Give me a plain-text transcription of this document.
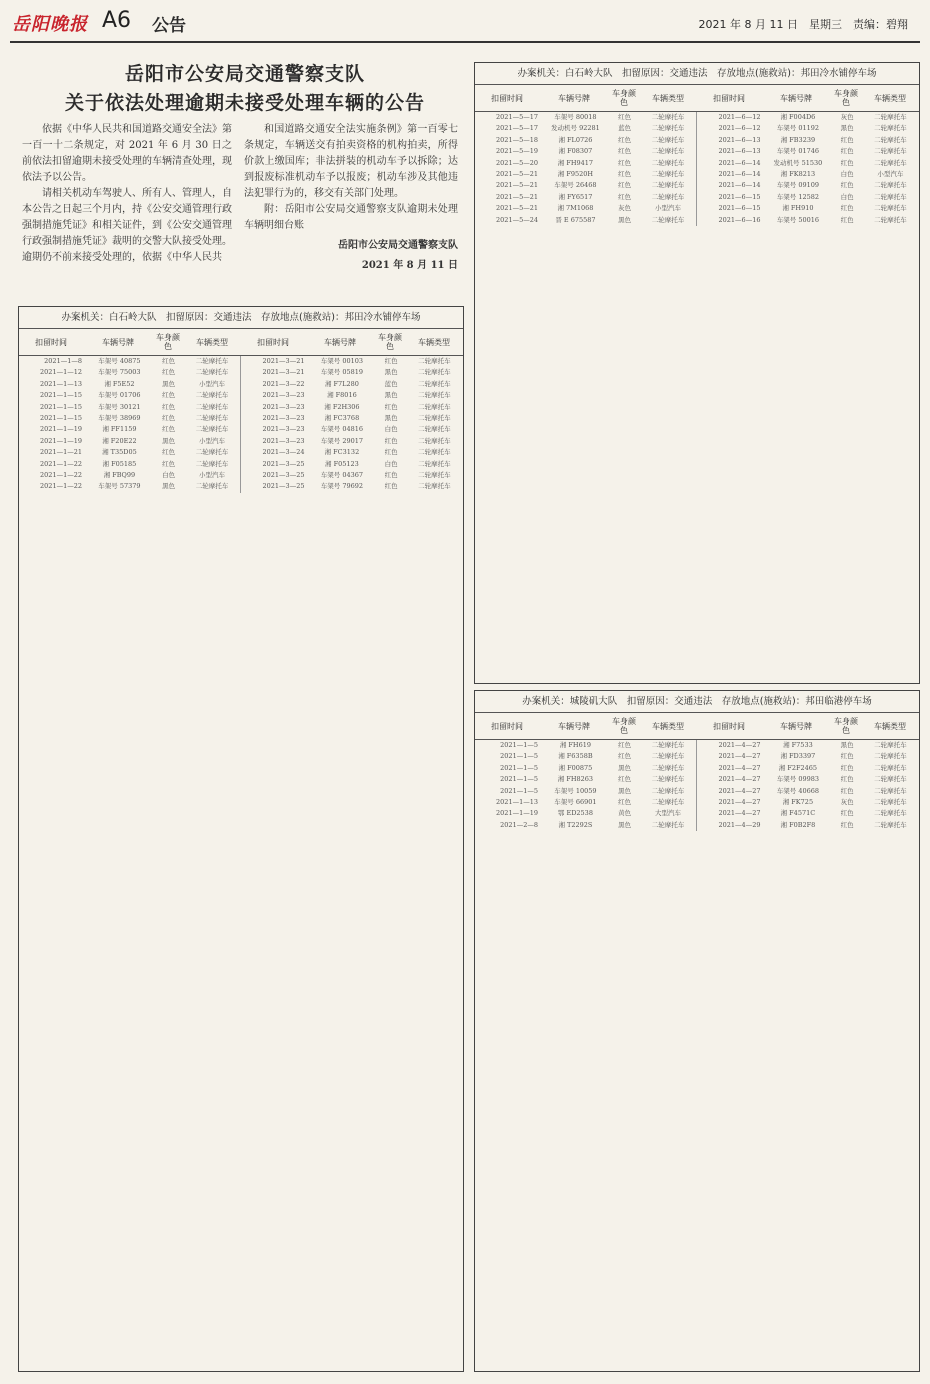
岳阳晚报 A6 公告	2021 年 8 月 11 日　星期三　责编：碧翔
岳阳市公安局交通警察支队
关于依法处理逾期未接受处理车辆的公告

依据《中华人民共和国道路交通安全法》第一百一十二条规定，对 2021 年 6 月 30 日之前依法扣留逾期未接受处理的车辆清查处理，现依法予以公告。

请相关机动车驾驶人、所有人、管理人，自本公告之日起三个月内，持《公安交通管理行政强制措施凭证》和相关证件，到《公安交通管理行政强制措施凭证》裁明的交警大队接受处理。逾期仍不前来接受处理的，依据《中华人民共

和国道路交通安全法实施条例》第一百零七条规定，车辆送交有拍卖资格的机构拍卖，所得价款上缴国库；非法拼装的机动车予以拆除；达到报废标准机动车予以报废；机动车涉及其他违法犯罪行为的，移交有关部门处理。

附：岳阳市公安局交通警察支队逾期未处理车辆明细台账

岳阳市公安局交通警察支队
2021 年 8 月 11 日
办案机关：白石岭大队　扣留原因：交通违法　存放地点(施救站)：邦田冷水铺停车场
扣留时间	车辆号牌	车身颜色	车辆类型	扣留时间	车辆号牌	车身颜色	车辆类型
2021—1—8	车架号 40875	红色	二轮摩托车	2021—3—21	车架号 00103	红色	二轮摩托车
2021—1—12	车架号 75003	红色	二轮摩托车	2021—3—21	车架号 05819	黑色	二轮摩托车
2021—1—13	湘 F5E52	黑色	小型汽车	2021—3—22	湘 F7L280	蓝色	二轮摩托车
2021—1—15	车架号 01706	红色	二轮摩托车	2021—3—23	湘 F8016	黑色	二轮摩托车
2021—1—15	车架号 30121	红色	二轮摩托车	2021—3—23	湘 F2H306	红色	二轮摩托车
2021—1—15	车架号 38969	红色	二轮摩托车	2021—3—23	湘 FC3768	黑色	二轮摩托车
2021—1—19	湘 FF1159	红色	二轮摩托车	2021—3—23	车架号 04816	白色	二轮摩托车
2021—1—19	湘 F20E22	黑色	小型汽车	2021—3—23	车架号 29017	红色	二轮摩托车
2021—1—21	湘 T35D05	红色	二轮摩托车	2021—3—24	湘 FC3132	红色	二轮摩托车
2021—1—22	湘 F05185	红色	二轮摩托车	2021—3—25	湘 F05123	白色	二轮摩托车
2021—1—22	湘 FBQ99	白色	小型汽车	2021—3—25	车架号 04367	红色	二轮摩托车
2021—1—22	车架号 57379	黑色	二轮摩托车	2021—3—25	车架号 79692	红色	二轮摩托车
办案机关：白石岭大队　扣留原因：交通违法　存放地点(施救站)：邦田冷水铺停车场
扣留时间	车辆号牌	车身颜色	车辆类型	扣留时间	车辆号牌	车身颜色	车辆类型
2021—5—17	车架号 80018	红色	二轮摩托车	2021—6—12	湘 F004D6	灰色	二轮摩托车
2021—5—17	发动机号 92281	蓝色	二轮摩托车	2021—6—12	车架号 01192	黑色	二轮摩托车
2021—5—18	湘 FL0726	红色	二轮摩托车	2021—6—13	湘 FB3239	红色	二轮摩托车
2021—5—19	湘 F08307	红色	二轮摩托车	2021—6—13	车架号 01746	红色	二轮摩托车
2021—5—20	湘 FH9417	红色	二轮摩托车	2021—6—14	发动机号 51530	红色	二轮摩托车
2021—5—21	湘 F9520H	红色	二轮摩托车	2021—6—14	湘 FK8213	白色	小型汽车
2021—5—21	车架号 26468	红色	二轮摩托车	2021—6—14	车架号 09109	红色	二轮摩托车
2021—5—21	湘 FY6517	红色	二轮摩托车	2021—6—15	车架号 12582	白色	二轮摩托车
2021—5—21	湘 7M1068	灰色	小型汽车	2021—6—15	湘 FH910	红色	二轮摩托车
2021—5—24	晋 E 675587	黑色	二轮摩托车	2021—6—16	车架号 50016	红色	二轮摩托车
办案机关：城陵矶大队　扣留原因：交通违法　存放地点(施救站)：邦田临港停车场
扣留时间	车辆号牌	车身颜色	车辆类型	扣留时间	车辆号牌	车身颜色	车辆类型
2021—1—5	湘 FH619	红色	二轮摩托车	2021—4—27	湘 F7533	黑色	二轮摩托车
2021—1—5	湘 F6358B	红色	二轮摩托车	2021—4—27	湘 FD3397	红色	二轮摩托车
2021—1—5	湘 F00875	黑色	二轮摩托车	2021—4—27	湘 F2F2465	红色	二轮摩托车
2021—1—5	湘 FH8263	红色	二轮摩托车	2021—4—27	车架号 09983	红色	二轮摩托车
2021—1—5	车架号 10059	黑色	二轮摩托车	2021—4—27	车架号 40668	红色	二轮摩托车
2021—1—13	车架号 66901	红色	二轮摩托车	2021—4—27	湘 FK725	灰色	二轮摩托车
2021—1—19	鄂 ED2538	黄色	大型汽车	2021—4—27	湘 F4571C	红色	二轮摩托车
2021—2—8	湘 T2292S	黑色	二轮摩托车	2021—4—29	湘 F0B2F8	红色	二轮摩托车
